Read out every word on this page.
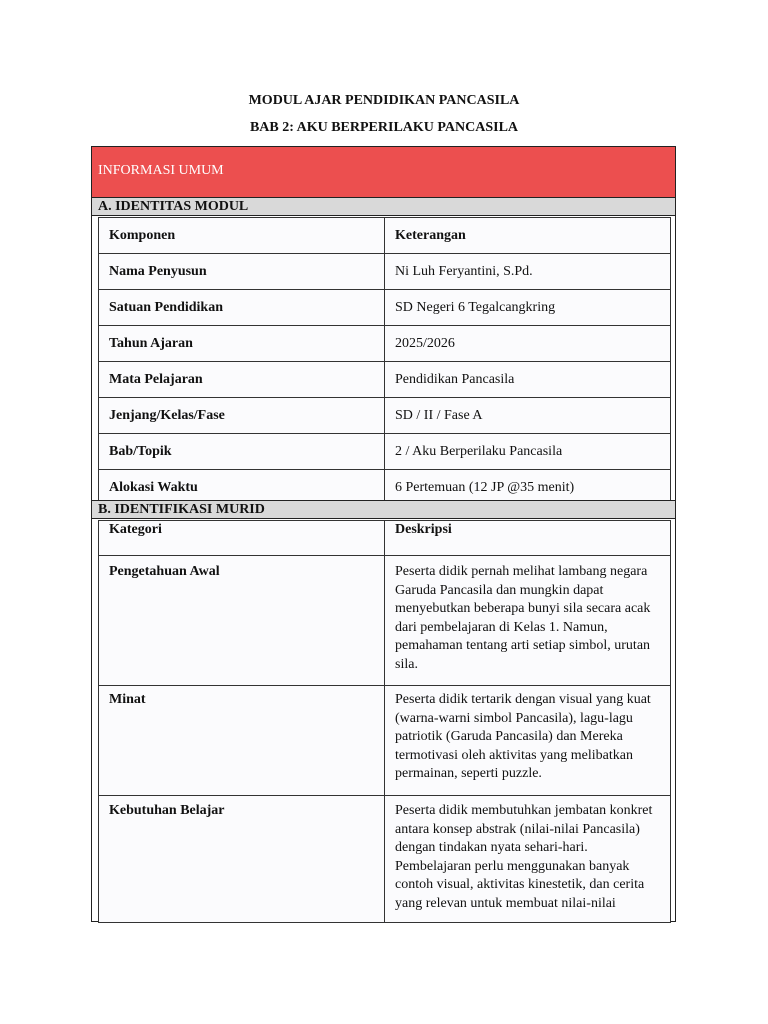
MODUL AJAR PENDIDIKAN PANCASILA
BAB 2: AKU BERPERILAKU PANCASILA
INFORMASI UMUM
A. IDENTITAS MODUL
Komponen	Keterangan
Nama Penyusun	Ni Luh Feryantini, S.Pd.
Satuan Pendidikan	SD Negeri 6 Tegalcangkring
Tahun Ajaran	2025/2026
Mata Pelajaran	Pendidikan Pancasila
Jenjang/Kelas/Fase	SD / II / Fase A
Bab/Topik	2 / Aku Berperilaku Pancasila
Alokasi Waktu	6 Pertemuan (12 JP @35 menit)
B. IDENTIFIKASI MURID
Kategori	Deskripsi
Pengetahuan Awal	Peserta didik pernah melihat lambang negara Garuda Pancasila dan mungkin dapat menyebutkan beberapa bunyi sila secara acak dari pembelajaran di Kelas 1. Namun, pemahaman tentang arti setiap simbol, urutan sila.
Minat	Peserta didik tertarik dengan visual yang kuat (warna-warni simbol Pancasila), lagu-lagu patriotik (Garuda Pancasila) dan Mereka termotivasi oleh aktivitas yang melibatkan permainan, seperti puzzle.
Kebutuhan Belajar	Peserta didik membutuhkan jembatan konkret antara konsep abstrak (nilai-nilai Pancasila) dengan tindakan nyata sehari-hari. Pembelajaran perlu menggunakan banyak contoh visual, aktivitas kinestetik, dan cerita yang relevan untuk membuat nilai-nilai
